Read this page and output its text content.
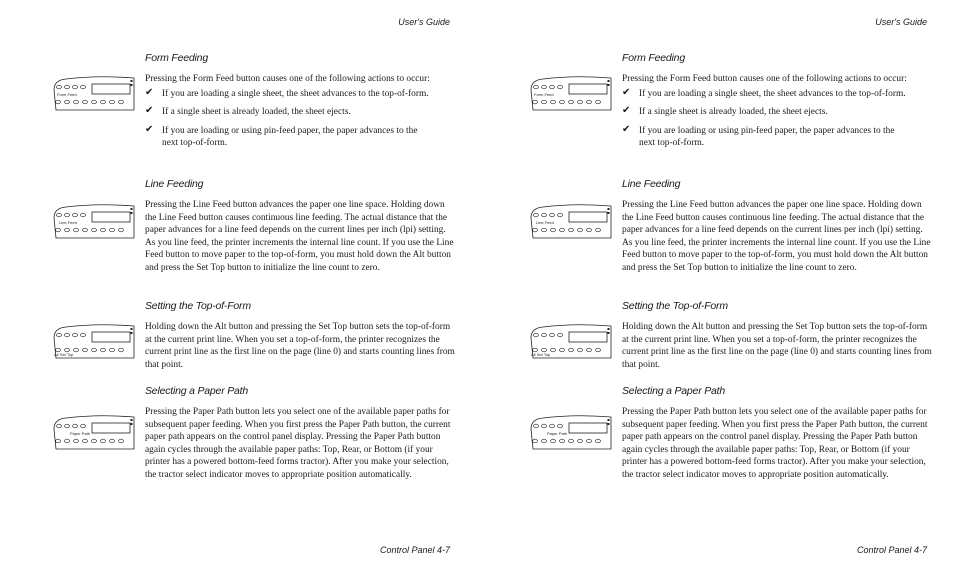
User's Guide
Form Feeding
Form Feed

Pressing the Form Feed button causes one of the following actions to occur:

✔ If you are loading a single sheet, the sheet advances to the top-of-form.
✔ If a single sheet is already loaded, the sheet ejects.
✔ If you are loading or using pin-feed paper, the paper advances to the next top-of-form.
Line Feeding
Line Feed

Pressing the Line Feed button advances the paper one line space. Holding down the Line Feed button causes continuous line feeding. The actual distance that the paper advances for a line feed depends on the current lines per inch (lpi) setting. As you line feed, the printer increments the internal line count. If you use the Line Feed button to move paper to the top-of-form, you must hold down the Alt button and press the Set Top button to initialize the line count to zero.

Setting the Top-of-Form
Alt Set Top

Holding down the Alt button and pressing the Set Top button sets the top-of-form at the current print line. When you set a top-of-form, the printer recognizes the current print line as the first line on the page (line 0) and starts counting lines from that point.

Selecting a Paper Path
Paper Path

Pressing the Paper Path button lets you select one of the available paper paths for subsequent paper feeding. When you first press the Paper Path button, the current paper path appears on the control panel display. Pressing the Paper Path button again cycles through the available paper paths: Top, Rear, or Bottom (if your printer has a powered bottom-feed forms tractor). After you make your selection, the tractor select indicator moves to appropriate position automatically.

Control Panel 4-7
User's Guide
Form Feeding
Form Feed

Pressing the Form Feed button causes one of the following actions to occur:

✔ If you are loading a single sheet, the sheet advances to the top-of-form.
✔ If a single sheet is already loaded, the sheet ejects.
✔ If you are loading or using pin-feed paper, the paper advances to the next top-of-form.
Line Feeding
Line Feed

Pressing the Line Feed button advances the paper one line space. Holding down the Line Feed button causes continuous line feeding. The actual distance that the paper advances for a line feed depends on the current lines per inch (lpi) setting. As you line feed, the printer increments the internal line count. If you use the Line Feed button to move paper to the top-of-form, you must hold down the Alt button and press the Set Top button to initialize the line count to zero.

Setting the Top-of-Form
Alt Set Top

Holding down the Alt button and pressing the Set Top button sets the top-of-form at the current print line. When you set a top-of-form, the printer recognizes the current print line as the first line on the page (line 0) and starts counting lines from that point.

Selecting a Paper Path
Paper Path

Pressing the Paper Path button lets you select one of the available paper paths for subsequent paper feeding. When you first press the Paper Path button, the current paper path appears on the control panel display. Pressing the Paper Path button again cycles through the available paper paths: Top, Rear, or Bottom (if your printer has a powered bottom-feed forms tractor). After you make your selection, the tractor select indicator moves to appropriate position automatically.

Control Panel 4-7
